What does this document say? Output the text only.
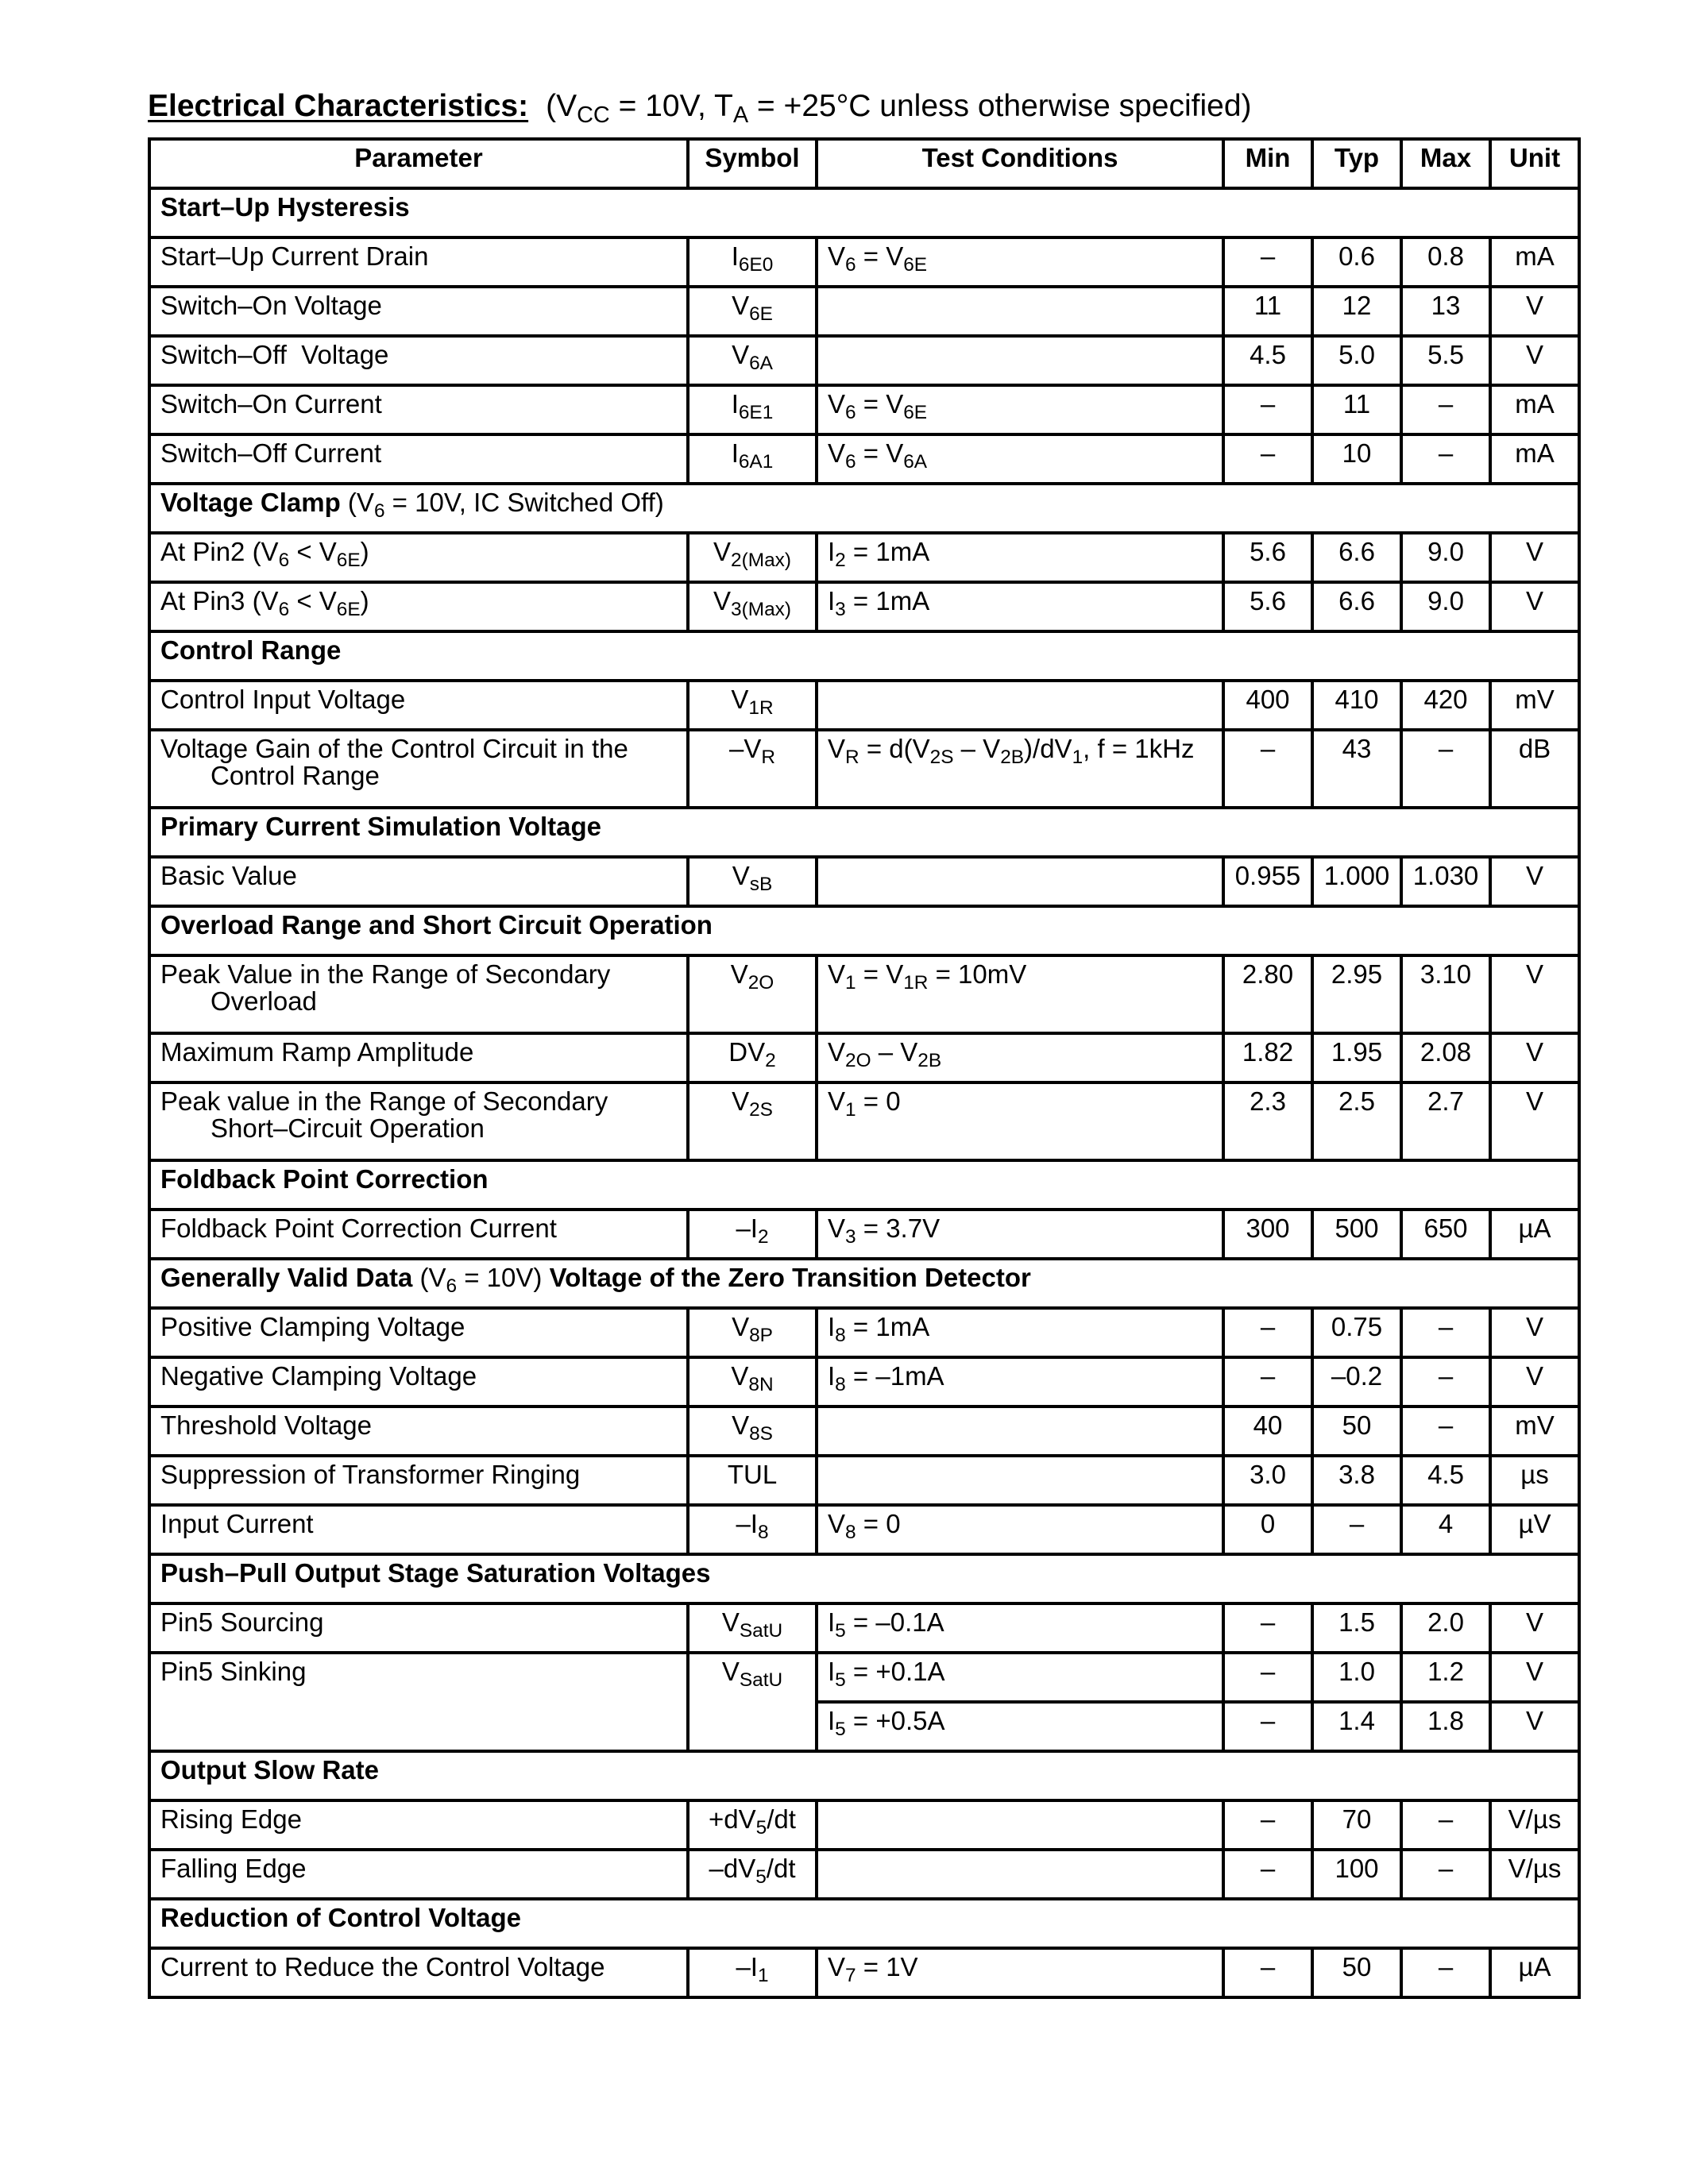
Electrical Characteristics: ($V_{CC} = 10V$, $T_A = +25^\circ C$ unless otherwise specified)
Parameter	Symbol	Test Conditions	Min	Typ	Max	Unit
Start–Up Hysteresis						
Start–Up Current Drain	$I_{6E0}$	$V_6 = V_{6E}$	–	0.6	0.8	mA
Switch–On Voltage	$V_{6E}$		11	12	13	V
Switch–Off  Voltage	$V_{6A}$		4.5	5.0	5.5	V
Switch–On Current	$I_{6E1}$	$V_6 = V_{6E}$	–	11	–	mA
Switch–Off Current	$I_{6A1}$	$V_6 = V_{6A}$	–	10	–	mA
Voltage Clamp ($V_6 = 10V$, IC Switched Off)						
At Pin2 $(V_6 < V_{6E})$	$V_{2(Max)}$	$I_2 = 1mA$	5.6	6.6	9.0	V
At Pin3 $(V_6 < V_{6E})$	$V_{3(Max)}$	$I_3 = 1mA$	5.6	6.6	9.0	V
Control Range						
Control Input Voltage	$V_{1R}$		400	410	420	mV
Voltage Gain of the Control Circuit in the
Control Range	$-V_R$	$V_R = d(V_{2S} - V_{2B})/dV_1$, f = 1kHz	–	43	–	dB
Primary Current Simulation Voltage						
Basic Value	$V_{sB}$		0.955	1.000	1.030	V
Overload Range and Short Circuit Operation						
Peak Value in the Range of Secondary
Overload	$V_{2O}$	$V_1 = V_{1R} = 10mV$	2.80	2.95	3.10	V
Maximum Ramp Amplitude	$DV_2$	$V_{2O} - V_{2B}$	1.82	1.95	2.08	V
Peak value in the Range of Secondary
Short–Circuit Operation	$V_{2S}$	$V_1 = 0$	2.3	2.5	2.7	V
Foldback Point Correction						
Foldback Point Correction Current	$-I_2$	$V_3 = 3.7V$	300	500	650	µA
Generally Valid Data $(V_6 = 10V)$ Voltage of the Zero Transition Detector						
Positive Clamping Voltage	$V_{8P}$	$I_8 = 1mA$	–	0.75	–	V
Negative Clamping Voltage	$V_{8N}$	$I_8 = -1mA$	–	–0.2	–	V
Threshold Voltage	$V_{8S}$		40	50	–	mV
Suppression of Transformer Ringing	TUL		3.0	3.8	4.5	µs
Input Current	$-I_8$	$V_8 = 0$	0	–	4	µV
Push–Pull Output Stage Saturation Voltages						
Pin5 Sourcing	$V_{SatU}$	$I_5 = -0.1A$	–	1.5	2.0	V
Pin5 Sinking	$V_{SatU}$	$I_5 = +0.1A$	–	1.0	1.2	V
		$I_5 = +0.5A$	–	1.4	1.8	V
Output Slow Rate						
Rising Edge	$+dV_5/dt$		–	70	–	V/µs
Falling Edge	$-dV_5/dt$		–	100	–	V/µs
Reduction of Control Voltage						
Current to Reduce the Control Voltage	$-I_1$	$V_7 = 1V$	–	50	–	µA
